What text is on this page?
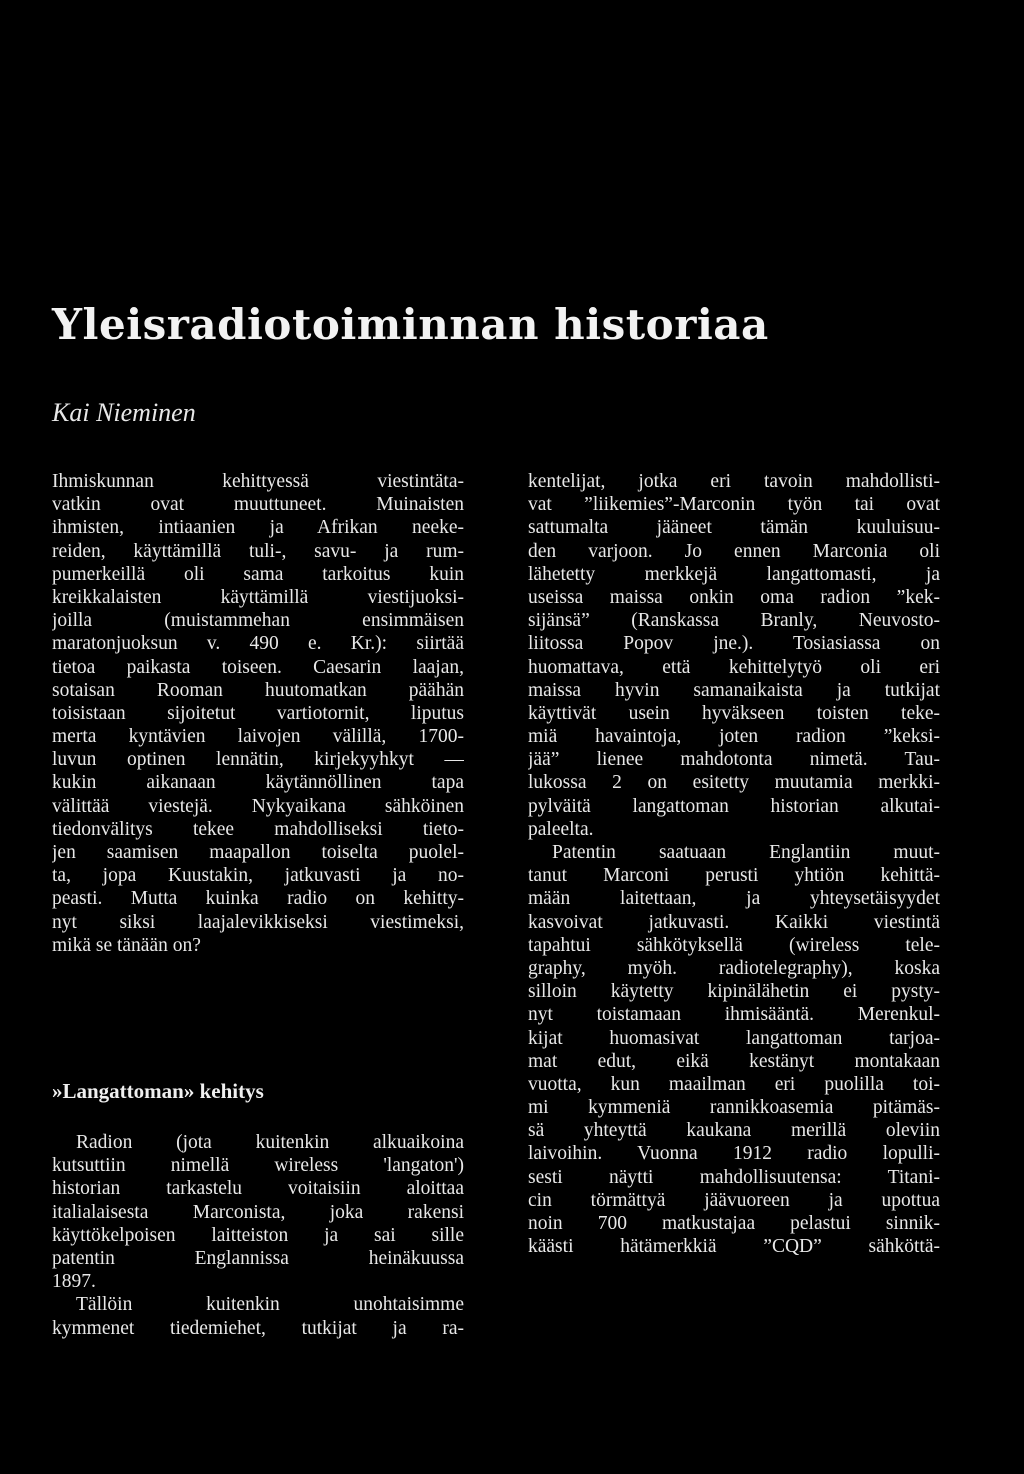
Yleisradiotoiminnan historiaa
Kai Nieminen
Ihmiskunnan kehittyessä viestintäta-
vatkin ovat muuttuneet. Muinaisten
ihmisten, intiaanien ja Afrikan neeke-
reiden, käyttämillä tuli-, savu- ja rum-
pumerkeillä oli sama tarkoitus kuin
kreikkalaisten käyttämillä viestijuoksi-
joilla (muistammehan ensimmäisen
maratonjuoksun v. 490 e. Kr.): siirtää
tietoa paikasta toiseen. Caesarin laajan,
sotaisan Rooman huutomatkan päähän
toisistaan sijoitetut vartiotornit, liputus
merta kyntävien laivojen välillä, 1700-
luvun optinen lennätin, kirjekyyhkyt —
kukin aikanaan käytännöllinen tapa
välittää viestejä. Nykyaikana sähköinen
tiedonvälitys tekee mahdolliseksi tieto-
jen saamisen maapallon toiselta puolel-
ta, jopa Kuustakin, jatkuvasti ja no-
peasti. Mutta kuinka radio on kehitty-
nyt siksi laajalevikkiseksi viestimeksi,
mikä se tänään on?
»Langattoman» kehitys
Radion (jota kuitenkin alkuaikoina
kutsuttiin nimellä wireless 'langaton')
historian tarkastelu voitaisiin aloittaa
italialaisesta Marconista, joka rakensi
käyttökelpoisen laitteiston ja sai sille
patentin Englannissa heinäkuussa
1897.
Tällöin kuitenkin unohtaisimme
kymmenet tiedemiehet, tutkijat ja ra-
kentelijat, jotka eri tavoin mahdollisti-
vat ”liikemies”-Marconin työn tai ovat
sattumalta jääneet tämän kuuluisuu-
den varjoon. Jo ennen Marconia oli
lähetetty merkkejä langattomasti, ja
useissa maissa onkin oma radion ”kek-
sijänsä” (Ranskassa Branly, Neuvosto-
liitossa Popov jne.). Tosiasiassa on
huomattava, että kehittelytyö oli eri
maissa hyvin samanaikaista ja tutkijat
käyttivät usein hyväkseen toisten teke-
miä havaintoja, joten radion ”keksi-
jää” lienee mahdotonta nimetä. Tau-
lukossa 2 on esitetty muutamia merkki-
pylväitä langattoman historian alkutai-
paleelta.
Patentin saatuaan Englantiin muut-
tanut Marconi perusti yhtiön kehittä-
mään laitettaan, ja yhteysetäisyydet
kasvoivat jatkuvasti. Kaikki viestintä
tapahtui sähkötyksellä (wireless tele-
graphy, myöh. radiotelegraphy), koska
silloin käytetty kipinälähetin ei pysty-
nyt toistamaan ihmisääntä. Merenkul-
kijat huomasivat langattoman tarjoa-
mat edut, eikä kestänyt montakaan
vuotta, kun maailman eri puolilla toi-
mi kymmeniä rannikkoasemia pitämäs-
sä yhteyttä kaukana merillä oleviin
laivoihin. Vuonna 1912 radio lopulli-
sesti näytti mahdollisuutensa: Titani-
cin törmättyä jäävuoreen ja upottua
noin 700 matkustajaa pelastui sinnik-
käästi hätämerkkiä ”CQD” sähköttä-
